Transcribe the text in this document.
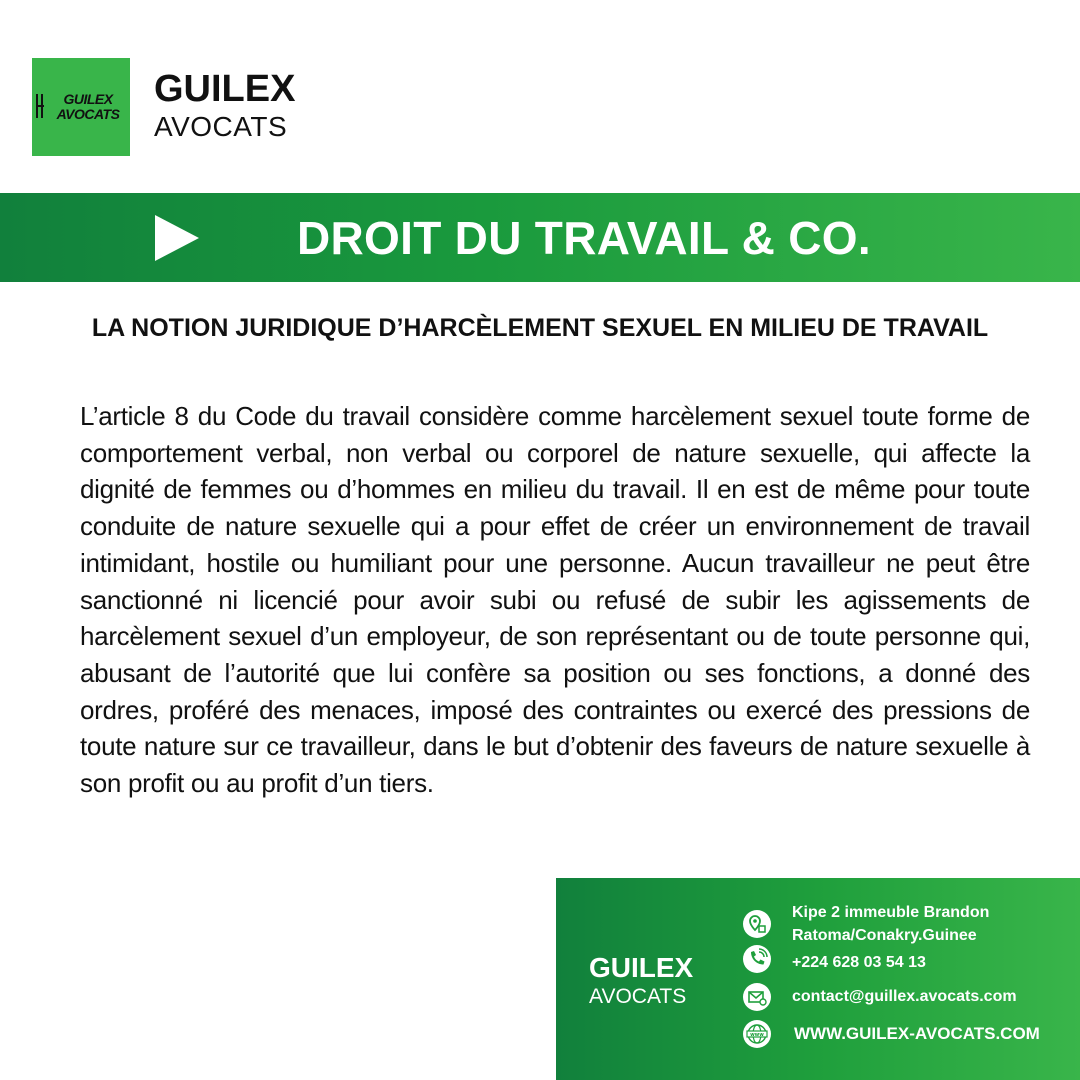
GUILEX
AVOCATS
GUILEX
AVOCATS
DROIT DU TRAVAIL & CO.
LA NOTION JURIDIQUE D’HARCÈLEMENT SEXUEL EN MILIEU DE TRAVAIL

L’article 8 du Code du travail considère comme harcèlement sexuel toute forme de comportement verbal, non verbal ou corporel de nature sexuelle, qui affecte la dignité de femmes ou d’hommes en milieu du travail. Il en est de même pour toute conduite de nature sexuelle qui a pour effet de créer un environnement de travail intimidant, hostile ou humiliant pour une personne. Aucun travailleur ne peut être sanctionné ni licencié pour avoir subi ou refusé de subir les agissements de harcèlement sexuel d’un employeur, de son représentant ou de toute personne qui, abusant de l’autorité que lui confère sa position ou ses fonctions, a donné des ordres, proféré des menaces, imposé des contraintes ou exercé des pressions de toute nature sur ce travailleur, dans le but d’obtenir des faveurs de nature sexuelle à son profit ou au profit d’un tiers.

GUILEX
AVOCATS
Kipe 2 immeuble Brandon
Ratoma/Conakry.Guinee
+224 628 03 54 13
contact@guillex.avocats.com
www WWW.GUILEX-AVOCATS.COM
